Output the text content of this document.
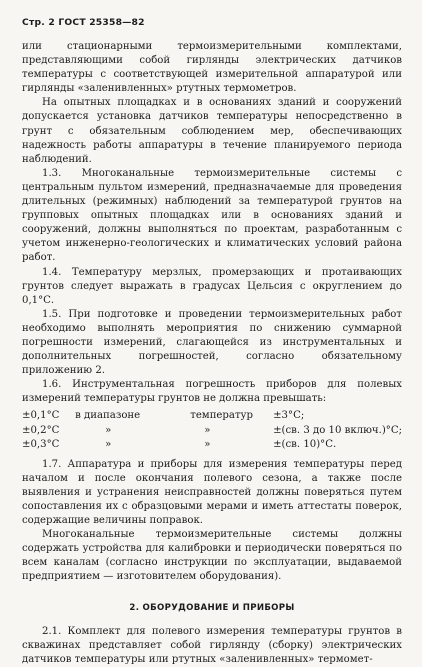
Стр. 2 ГОСТ 25358—82

или стационарными термоизмерительными комплектами, представляющими собой гирлянды электрических датчиков температуры с соответствующей измерительной аппаратурой или гирлянды «заленивленных» ртутных термометров.

На опытных площадках и в основаниях зданий и сооружений допускается установка датчиков температуры непосредственно в грунт с обязательным соблюдением мер, обеспечивающих надежность работы аппаратуры в течение планируемого периода наблюдений.

1.3. Многоканальные термоизмерительные системы с центральным пультом измерений, предназначаемые для проведения длительных (режимных) наблюдений за температурой грунтов на групповых опытных площадках или в основаниях зданий и сооружений, должны выполняться по проектам, разработанным с учетом инженерно-геологических и климатических условий района работ.

1.4. Температуру мерзлых, промерзающих и протаивающих грунтов следует выражать в градусах Цельсия с округлением до 0,1°С.

1.5. При подготовке и проведении термоизмерительных работ необходимо выполнять мероприятия по снижению суммарной погрешности измерений, слагающейся из инструментальных и дополнительных погрешностей, согласно обязательному приложению 2.

1.6. Инструментальная погрешность приборов для полевых измерений температуры грунтов не должна превышать:

±0,1°С	в диапазоне	температур	±3°С;
±0,2°С	»	»	±(св. 3 до 10 включ.)°С;
±0,3°С	»	»	±(св. 10)°С.

1.7. Аппаратура и приборы для измерения температуры перед началом и после окончания полевого сезона, а также после выявления и устранения неисправностей должны поверяться путем сопоставления их с образцовыми мерами и иметь аттестаты поверок, содержащие величины поправок.

Многоканальные термоизмерительные системы должны содержать устройства для калибровки и периодически поверяться по всем каналам (согласно инструкции по эксплуатации, выдаваемой предприятием — изготовителем оборудования).

2. ОБОРУДОВАНИЕ И ПРИБОРЫ

2.1. Комплект для полевого измерения температуры грунтов в скважинах представляет собой гирлянду (сборку) электрических датчиков температуры или ртутных «заленивленных» термомет-
